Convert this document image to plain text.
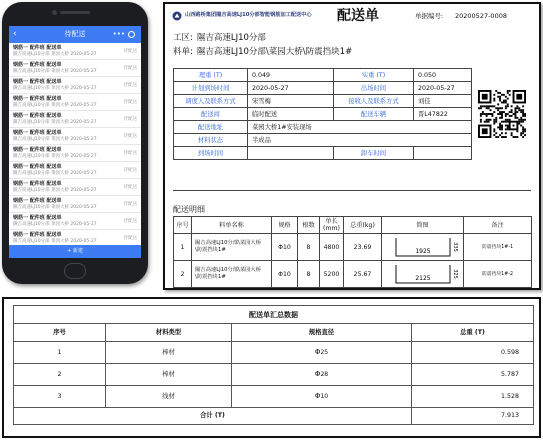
‹	待配送	•••
钢筋一 配件班 配送单
隰吉高速LJ10分部 菜园大桥 2020-05-27
待配送
钢筋一 配件班 配送单
隰吉高速LJ10分部 菜园大桥 2020-05-27
待配送
钢筋一 配件班 配送单
隰吉高速LJ10分部 菜园大桥 2020-05-27
待配送
钢筋一 配件班 配送单
隰吉高速LJ10分部 菜园大桥 2020-05-27
待配送
钢筋一 配件班 配送单
隰吉高速LJ10分部 菜园大桥 2020-05-27
待配送
钢筋一 配件班 配送单
隰吉高速LJ10分部 菜园大桥 2020-05-27
待配送
钢筋一 配件班 配送单
隰吉高速LJ10分部 菜园大桥 2020-05-27
待配送
钢筋一 配件班 配送单
隰吉高速LJ10分部 菜园大桥 2020-05-27
待配送
钢筋一 配件班 配送单
隰吉高速LJ10分部 菜园大桥 2020-05-27
待配送
钢筋一 配件班 配送单
隰吉高速LJ10分部 菜园大桥 2020-05-27
待配送
钢筋一 配件班 配送单
隰吉高速LJ10分部 菜园大桥 2020-05-27
待配送
钢筋一 配件班 配送单
隰吉高速LJ10分部 菜园大桥 2020-05-27
待配送
+ 新建
山西路桥集团隰吉高速LJ10分部智能钢筋加工配送中心 配送单	单据编号: 20200527-0008
工区: 隰吉高速LJ10分部
料单: 隰吉高速LJ10分部\菜园大桥\防震挡块1#
理重 (T)	0.049	实重 (T)	0.050	

计划到场时间	2020-05-27	出场时间	2020-05-27	
调度人及联系方式	宋雪梅	接收人及联系方式	刘佳	
配送商	临时配送	配送车辆	晋L47822	
配送地址	菜园大桥1#安装现场			
材料状态	半成品			
到场时间		卸车时间		
配送明细
序号	料单名称	规格	根数	单长(mm)	总重(kg)	简图	备注
1	隰吉高速LJ10分部\菜园大桥\防震挡块1#	Φ10	8	4800	23.69	1925 335	防震挡块1#-1
2	隰吉高速LJ10分部\菜园大桥\防震挡块1#	Φ10	8	5200	25.67	2125 325	防震挡块1#-2
配送单汇总数据			
序号	材料类型	规格直径	总重 (T)
1	棒材	Φ25	0.598
2	棒材	Φ28	5.787
3	线材	Φ10	1.528
合计 (T)			7.913
